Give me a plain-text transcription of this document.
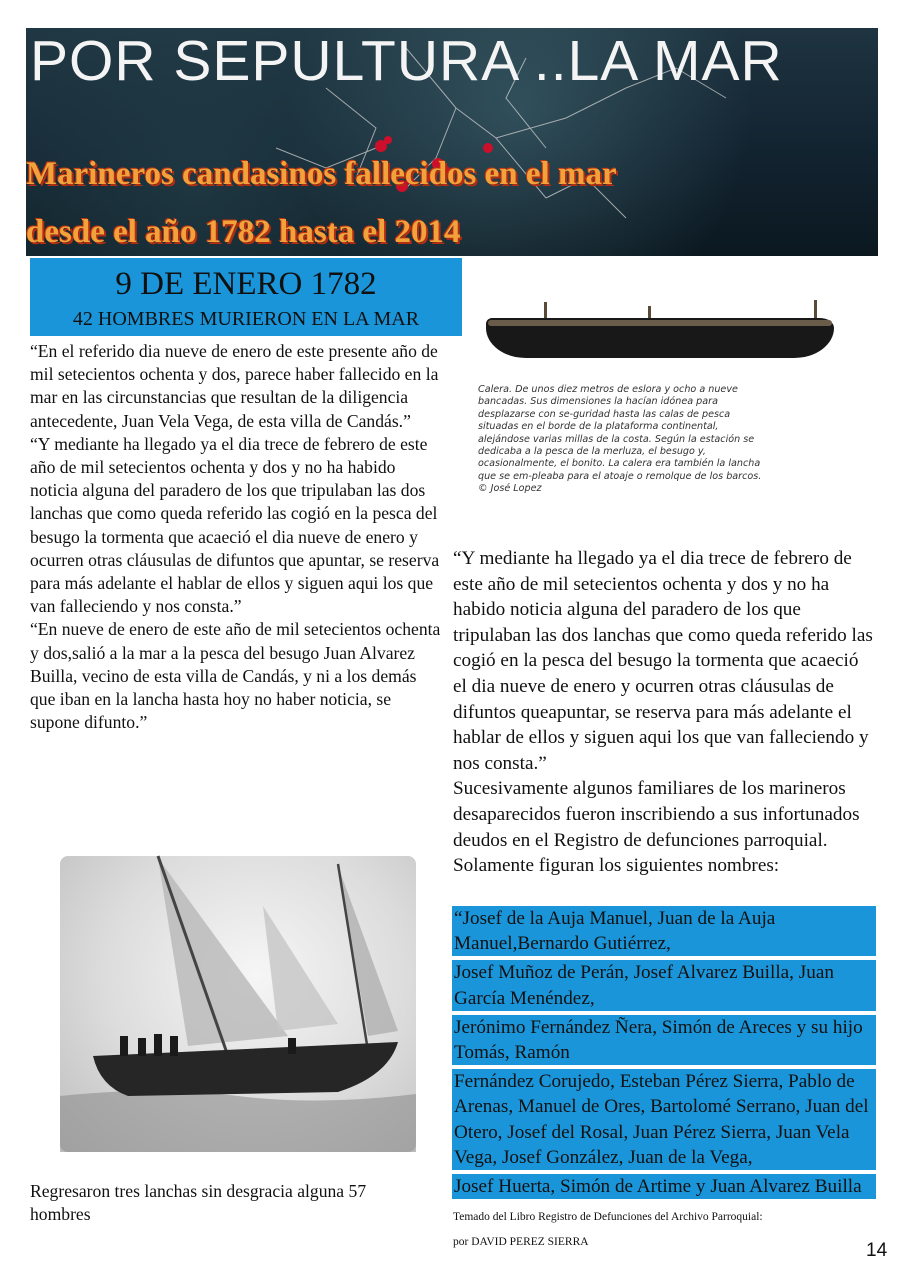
POR SEPULTURA ..LA MAR
Marineros candasinos fallecidos en el mar
desde el año 1782 hasta el 2014
9 DE ENERO 1782
42 HOMBRES MURIERON EN LA MAR

“En el referido dia nueve de enero de este presente año de mil setecientos ochenta y dos, parece haber fallecido en la mar en las circunstancias que resultan de la diligencia antecedente, Juan Vela Vega, de esta villa de Candás.”

“Y mediante ha llegado ya el dia trece de febrero de este año de mil setecientos ochenta y dos y no ha habido noticia alguna del paradero de los que tripulaban las dos lanchas que como queda referido las cogió en la pesca del besugo la tormenta que acaeció el dia nueve de enero y ocurren otras cláusulas de difuntos que apuntar, se reserva para más adelante el hablar de ellos y siguen aqui los que van falleciendo y nos consta.”

“En nueve de enero de este año de mil setecientos ochenta y dos,salió a la mar a la pesca del besugo Juan Alvarez Builla, vecino de esta villa de Candás, y ni a los demás que iban en la lancha hasta hoy no haber noticia, se supone difunto.”

Calera. De unos diez metros de eslora y ocho a nueve bancadas. Sus dimensiones la hacían idónea para desplazarse con se-guridad hasta las calas de pesca situadas en el borde de la plataforma continental, alejándose varias millas de la costa. Según la estación se dedicaba a la pesca de la merluza, el besugo y, ocasionalmente, el bonito. La calera era también la lancha que se em-pleaba para el atoaje o remolque de los barcos. © José Lopez

“Y mediante ha llegado ya el dia trece de febrero de este año de mil setecientos ochenta y dos y no ha habido noticia alguna del paradero de los que tripulaban las dos lanchas que como queda referido las cogió en la pesca del besugo la tormenta que acaeció el dia nueve de enero y ocurren otras cláusulas de difuntos queapuntar, se reserva para más adelante el hablar de ellos y siguen aqui los que van falleciendo y nos consta.”

Sucesivamente algunos familiares de los marineros desaparecidos fueron inscribiendo a sus infortunados deudos en el Registro de defunciones parroquial. Solamente figuran los siguientes nombres:

“Josef de la Auja Manuel, Juan de la Auja Manuel,Bernardo Gutiérrez,
Josef Muñoz de Perán, Josef Alvarez Builla, Juan García Menéndez,
Jerónimo Fernández Ñera, Simón de Areces y su hijo Tomás, Ramón
Fernández Corujedo, Esteban Pérez Sierra, Pablo de Arenas, Manuel de Ores, Bartolomé Serrano, Juan del Otero, Josef del Rosal, Juan Pérez Sierra, Juan Vela Vega, Josef González, Juan de la Vega,
Josef Huerta, Simón de Artime y Juan Alvarez Builla
Temado del Libro Registro de Defunciones del Archivo Parroquial:
por DAVID PEREZ SIERRA
Regresaron tres lanchas sin desgracia alguna 57 hombres
14
